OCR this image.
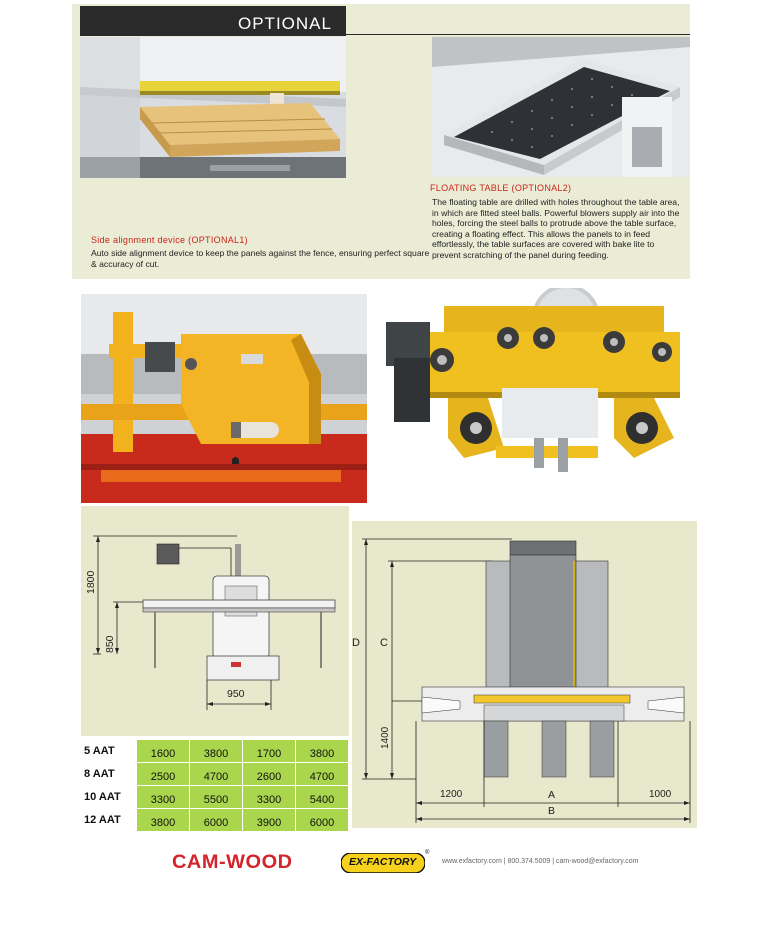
OPTIONAL
FLOATING TABLE (OPTIONAL2)
The floating table are drilled with holes throughout the table area, in which are fitted steel balls. Powerful blowers supply air into the holes, forcing the steel balls to protrude above the table surface, creating a floating effect. This allows the panels to in feed effortlessly, the table surfaces are covered with bake lite to prevent scratching of the panel during feeding.
Side alignment device (OPTIONAL1)
Auto side alignment device to keep the panels against the fence, ensuring perfect square & accuracy of cut.
☗
1800
850
950
D C
1400
1200	A	1000
B
5 AAT	1600	3800	1700	3800
8 AAT	2500	4700	2600	4700
10 AAT	3300	5500	3300	5400
12 AAT	3800	6000	3900	6000
CAM-WOOD	EX-FACTORY
®
www.exfactory.com | 800.374.5009 | cam-wood@exfactory.com
